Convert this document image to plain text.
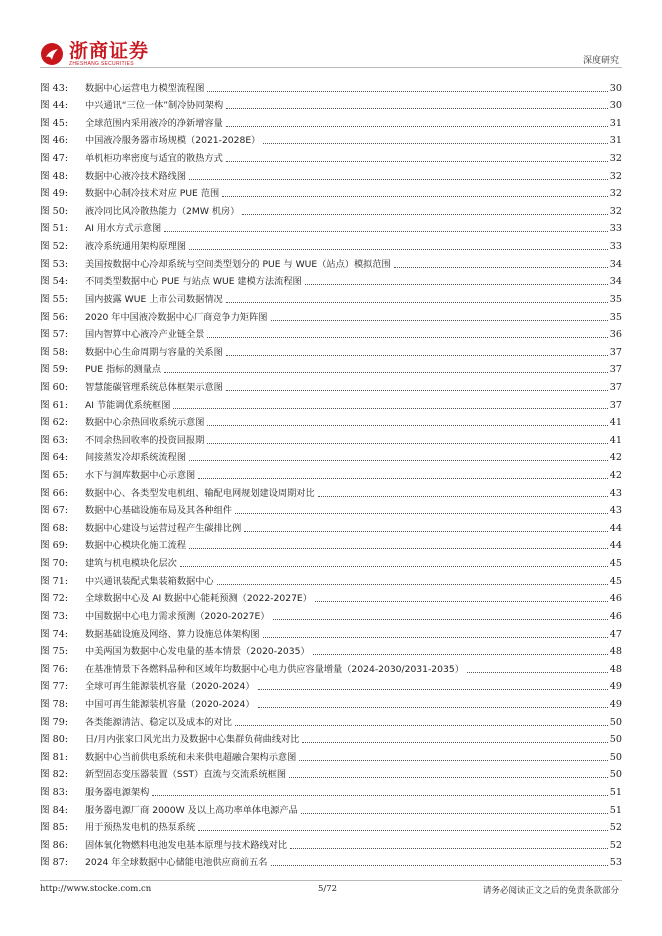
浙商证券
ZHESHANG SECURITIES	深度研究
图 43:	数据中心运营电力模型流程图	30
图 44:	中兴通讯“三位一体”制冷协同架构	30
图 45:	全球范围内采用液冷的净新增容量	31
图 46:	中国液冷服务器市场规模（2021-2028E）	31
图 47:	单机柜功率密度与适宜的散热方式	32
图 48:	数据中心液冷技术路线图	32
图 49:	数据中心制冷技术对应 PUE 范围	32
图 50:	液冷同比风冷散热能力（2MW 机房）	32
图 51:	AI 用水方式示意图	33
图 52:	液冷系统通用架构原理图	33
图 53:	美国按数据中心冷却系统与空间类型划分的 PUE 与 WUE（站点）模拟范围	34
图 54:	不同类型数据中心 PUE 与站点 WUE 建模方法流程图	34
图 55:	国内披露 WUE 上市公司数据情况	35
图 56:	2020 年中国液冷数据中心厂商竞争力矩阵图	35
图 57:	国内智算中心液冷产业链全景	36
图 58:	数据中心生命周期与容量的关系图	37
图 59:	PUE 指标的测量点	37
图 60:	智慧能碳管理系统总体框架示意图	37
图 61:	AI 节能调优系统框图	37
图 62:	数据中心余热回收系统示意图	41
图 63:	不同余热回收率的投资回报期	41
图 64:	间接蒸发冷却系统流程图	42
图 65:	水下与洞库数据中心示意图	42
图 66:	数据中心、各类型发电机组、输配电网规划建设周期对比	43
图 67:	数据中心基础设施布局及其各种组件	43
图 68:	数据中心建设与运营过程产生碳排比例	44
图 69:	数据中心模块化施工流程	44
图 70:	建筑与机电模块化层次	45
图 71:	中兴通讯装配式集装箱数据中心	45
图 72:	全球数据中心及 AI 数据中心能耗预测（2022-2027E）	46
图 73:	中国数据中心电力需求预测（2020-2027E）	46
图 74:	数据基础设施及网络、算力设施总体架构图	47
图 75:	中美两国为数据中心发电量的基本情景（2020-2035）	48
图 76:	在基准情景下各燃料品种和区域年均数据中心电力供应容量增量（2024-2030/2031-2035）	48
图 77:	全球可再生能源装机容量（2020-2024）	49
图 78:	中国可再生能源装机容量（2020-2024）	49
图 79:	各类能源清洁、稳定以及成本的对比	50
图 80:	日/月内张家口风光出力及数据中心集群负荷曲线对比	50
图 81:	数据中心当前供电系统和未来供电超融合架构示意图	50
图 82:	新型固态变压器装置（SST）直流与交流系统框图	50
图 83:	服务器电源架构	51
图 84:	服务器电源厂商 2000W 及以上高功率单体电源产品	51
图 85:	用于预热发电机的热泵系统	52
图 86:	固体氧化物燃料电池发电基本原理与技术路线对比	52
图 87:	2024 年全球数据中心储能电池供应商前五名	53
http://www.stocke.com.cn	5/72	请务必阅读正文之后的免责条款部分
